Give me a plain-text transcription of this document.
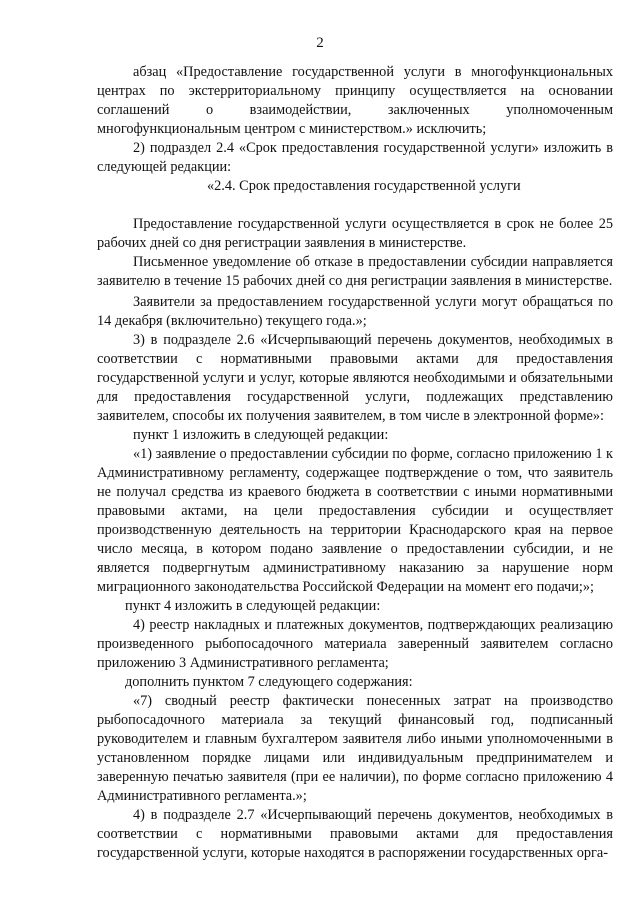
2

абзац «Предоставление государственной услуги в многофункциональных центрах по экстерриториальному принципу осуществляется на основании соглашений о взаимодействии, заключенных уполномоченным многофункциональным центром с министерством.» исключить;

2) подраздел 2.4 «Срок предоставления государственной услуги» изложить в следующей редакции:

«2.4. Срок предоставления государственной услуги

Предоставление государственной услуги осуществляется в срок не более 25 рабочих дней со дня регистрации заявления в министерстве.

Письменное уведомление об отказе в предоставлении субсидии направляется заявителю в течение 15 рабочих дней со дня регистрации заявления в министерстве.

Заявители за предоставлением государственной услуги могут обращаться по 14 декабря (включительно) текущего года.»;

3) в подразделе 2.6 «Исчерпывающий перечень документов, необходимых в соответствии с нормативными правовыми актами для предоставления государственной услуги и услуг, которые являются необходимыми и обязательными для предоставления государственной услуги, подлежащих представлению заявителем, способы их получения заявителем, в том числе в электронной форме»:

пункт 1 изложить в следующей редакции:

«1) заявление о предоставлении субсидии по форме, согласно приложению 1 к Административному регламенту, содержащее подтверждение о том, что заявитель не получал средства из краевого бюджета в соответствии с иными нормативными правовыми актами, на цели предоставления субсидии и осуществляет производственную деятельность на территории Краснодарского края на первое число месяца, в котором подано заявление о предоставлении субсидии, и не является подвергнутым административному наказанию за нарушение норм миграционного законодательства Российской Федерации на момент его подачи;»;

пункт 4 изложить в следующей редакции:

4) реестр накладных и платежных документов, подтверждающих реализацию произведенного рыбопосадочного материала заверенный заявителем согласно приложению 3 Административного регламента;

дополнить пунктом 7 следующего содержания:

«7) сводный реестр фактически понесенных затрат на производство рыбопосадочного материала за текущий финансовый год, подписанный руководителем и главным бухгалтером заявителя либо иными уполномоченными в установленном порядке лицами или индивидуальным предпринимателем и заверенную печатью заявителя (при ее наличии), по форме согласно приложению 4 Административного регламента.»;

4) в подразделе 2.7 «Исчерпывающий перечень документов, необходимых в соответствии с нормативными правовыми актами для предоставления государственной услуги, которые находятся в распоряжении государственных орга-
